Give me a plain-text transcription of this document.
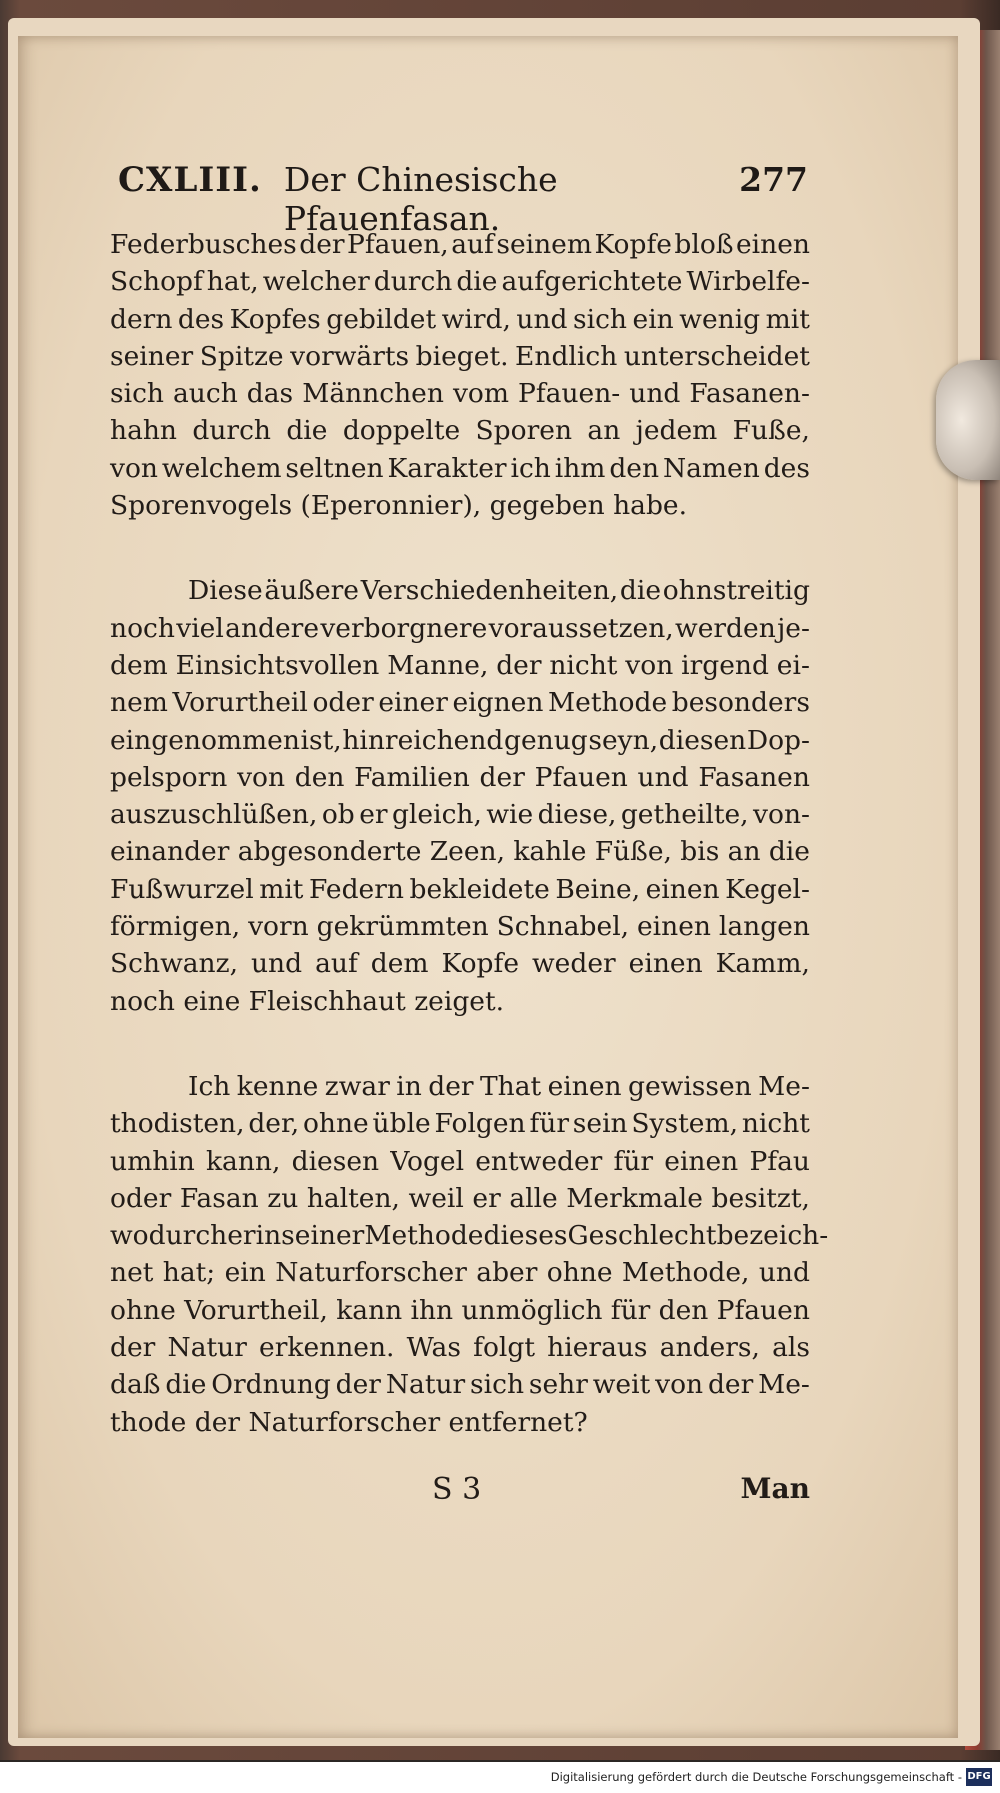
CXLIII. Der Chinesische Pfauenfasan.
277
Federbusches der Pfauen, auf seinem Kopfe bloß einen
Schopf hat, welcher durch die aufgerichtete Wirbelfe-
dern des Kopfes gebildet wird, und sich ein wenig mit
seiner Spitze vorwärts bieget. Endlich unterscheidet
sich auch das Männchen vom Pfauen- und Fasanen-
hahn durch die doppelte Sporen an jedem Fuße,
von welchem seltnen Karakter ich ihm den Namen des
Sporenvogels (Eperonnier), gegeben habe.
Diese äußere Verschiedenheiten, die ohnstreitig
noch viel andere verborgnere voraussetzen, werden je-
dem Einsichtsvollen Manne, der nicht von irgend ei-
nem Vorurtheil oder einer eignen Methode besonders
eingenommen ist, hinreichend genug seyn, diesen Dop-
pelsporn von den Familien der Pfauen und Fasanen
auszuschlüßen, ob er gleich, wie diese, getheilte, von-
einander abgesonderte Zeen, kahle Füße, bis an die
Fußwurzel mit Federn bekleidete Beine, einen Kegel-
förmigen, vorn gekrümmten Schnabel, einen langen
Schwanz, und auf dem Kopfe weder einen Kamm,
noch eine Fleischhaut zeiget.
Ich kenne zwar in der That einen gewissen Me-
thodisten, der, ohne üble Folgen für sein System, nicht
umhin kann, diesen Vogel entweder für einen Pfau
oder Fasan zu halten, weil er alle Merkmale besitzt,
wodurch er in seiner Methode dieses Geschlecht bezeich-
net hat; ein Naturforscher aber ohne Methode, und
ohne Vorurtheil, kann ihn unmöglich für den Pfauen
der Natur erkennen. Was folgt hieraus anders, als
daß die Ordnung der Natur sich sehr weit von der Me-
thode der Naturforscher entfernet?
S 3	Man
Digitalisierung gefördert durch die Deutsche Forschungsgemeinschaft - DFG
